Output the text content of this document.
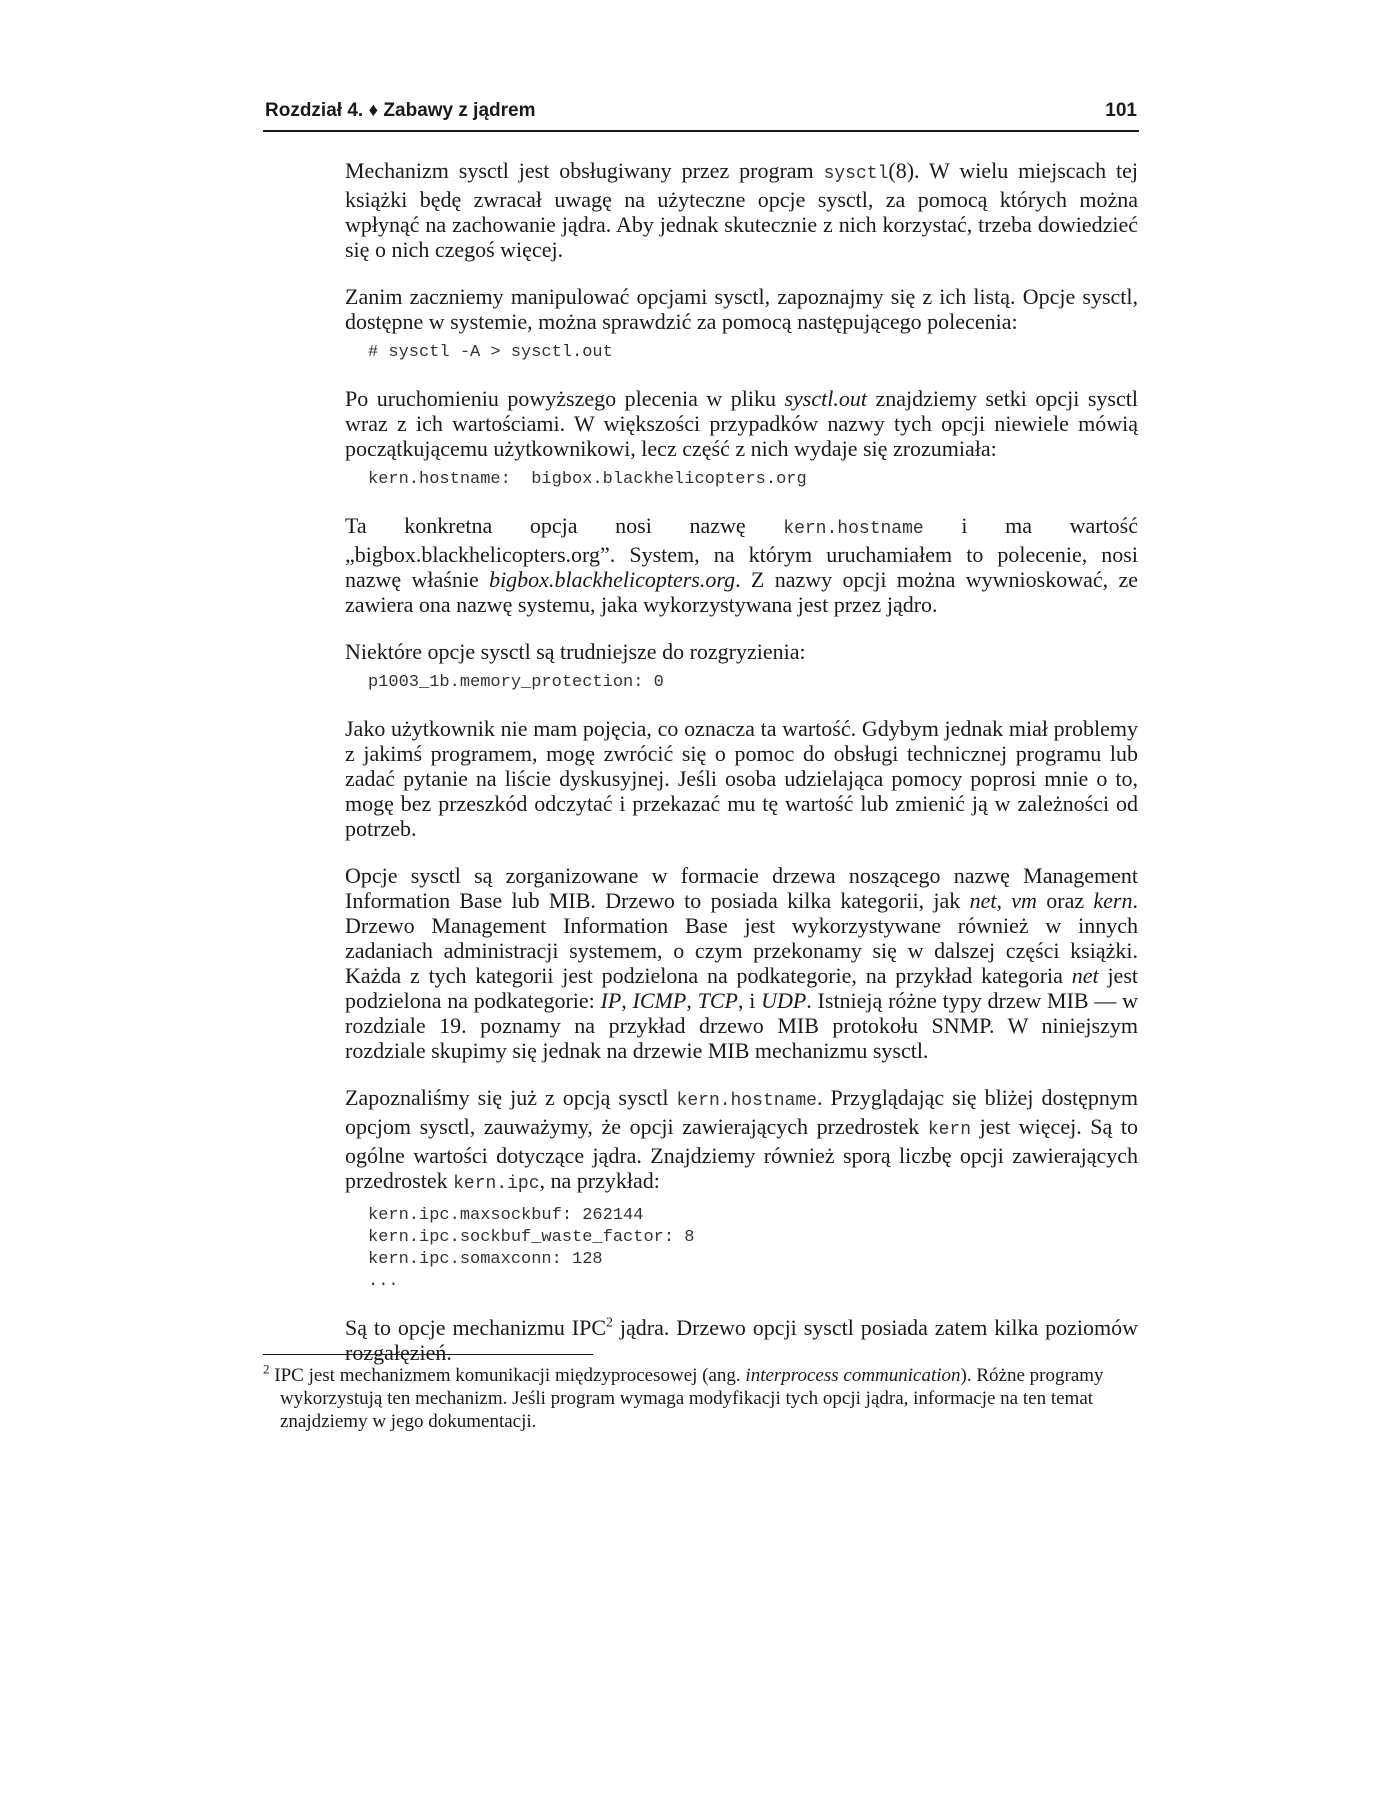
Rozdział 4. ♦ Zabawy z jądrem	101

Mechanizm sysctl jest obsługiwany przez program sysctl(8). W wielu miejscach tej książki będę zwracał uwagę na użyteczne opcje sysctl, za pomocą których można wpłynąć na zachowanie jądra. Aby jednak skutecznie z nich korzystać, trzeba dowiedzieć się o nich czegoś więcej.

Zanim zaczniemy manipulować opcjami sysctl, zapoznajmy się z ich listą. Opcje sysctl, dostępne w systemie, można sprawdzić za pomocą następującego polecenia:

# sysctl -A > sysctl.out

Po uruchomieniu powyższego plecenia w pliku sysctl.out znajdziemy setki opcji sysctl wraz z ich wartościami. W większości przypadków nazwy tych opcji niewiele mówią początkującemu użytkownikowi, lecz część z nich wydaje się zrozumiała:

kern.hostname:  bigbox.blackhelicopters.org

Ta konkretna opcja nosi nazwę kern.hostname i ma wartość „bigbox.blackhelicopters.org”. System, na którym uruchamiałem to polecenie, nosi nazwę właśnie bigbox.blackhelicopters.org. Z nazwy opcji można wywnioskować, ze zawiera ona nazwę systemu, jaka wykorzystywana jest przez jądro.

Niektóre opcje sysctl są trudniejsze do rozgryzienia:

p1003_1b.memory_protection: 0

Jako użytkownik nie mam pojęcia, co oznacza ta wartość. Gdybym jednak miał problemy z jakimś programem, mogę zwrócić się o pomoc do obsługi technicznej programu lub zadać pytanie na liście dyskusyjnej. Jeśli osoba udzielająca pomocy poprosi mnie o to, mogę bez przeszkód odczytać i przekazać mu tę wartość lub zmienić ją w zależności od potrzeb.

Opcje sysctl są zorganizowane w formacie drzewa noszącego nazwę Management Information Base lub MIB. Drzewo to posiada kilka kategorii, jak net, vm oraz kern. Drzewo Management Information Base jest wykorzystywane również w innych zadaniach administracji systemem, o czym przekonamy się w dalszej części książki. Każda z tych kategorii jest podzielona na podkategorie, na przykład kategoria net jest podzielona na podkategorie: IP, ICMP, TCP, i UDP. Istnieją różne typy drzew MIB — w rozdziale 19. poznamy na przykład drzewo MIB protokołu SNMP. W niniejszym rozdziale skupimy się jednak na drzewie MIB mechanizmu sysctl.

Zapoznaliśmy się już z opcją sysctl kern.hostname. Przyglądając się bliżej dostępnym opcjom sysctl, zauważymy, że opcji zawierających przedrostek kern jest więcej. Są to ogólne wartości dotyczące jądra. Znajdziemy również sporą liczbę opcji zawierających przedrostek kern.ipc, na przykład:

kern.ipc.maxsockbuf: 262144
kern.ipc.sockbuf_waste_factor: 8
kern.ipc.somaxconn: 128
...

Są to opcje mechanizmu IPC$^2$ jądra. Drzewo opcji sysctl posiada zatem kilka poziomów rozgałęzień.

$^2$ IPC jest mechanizmem komunikacji międzyprocesowej (ang. interprocess communication). Różne programy wykorzystują ten mechanizm. Jeśli program wymaga modyfikacji tych opcji jądra, informacje na ten temat znajdziemy w jego dokumentacji.
